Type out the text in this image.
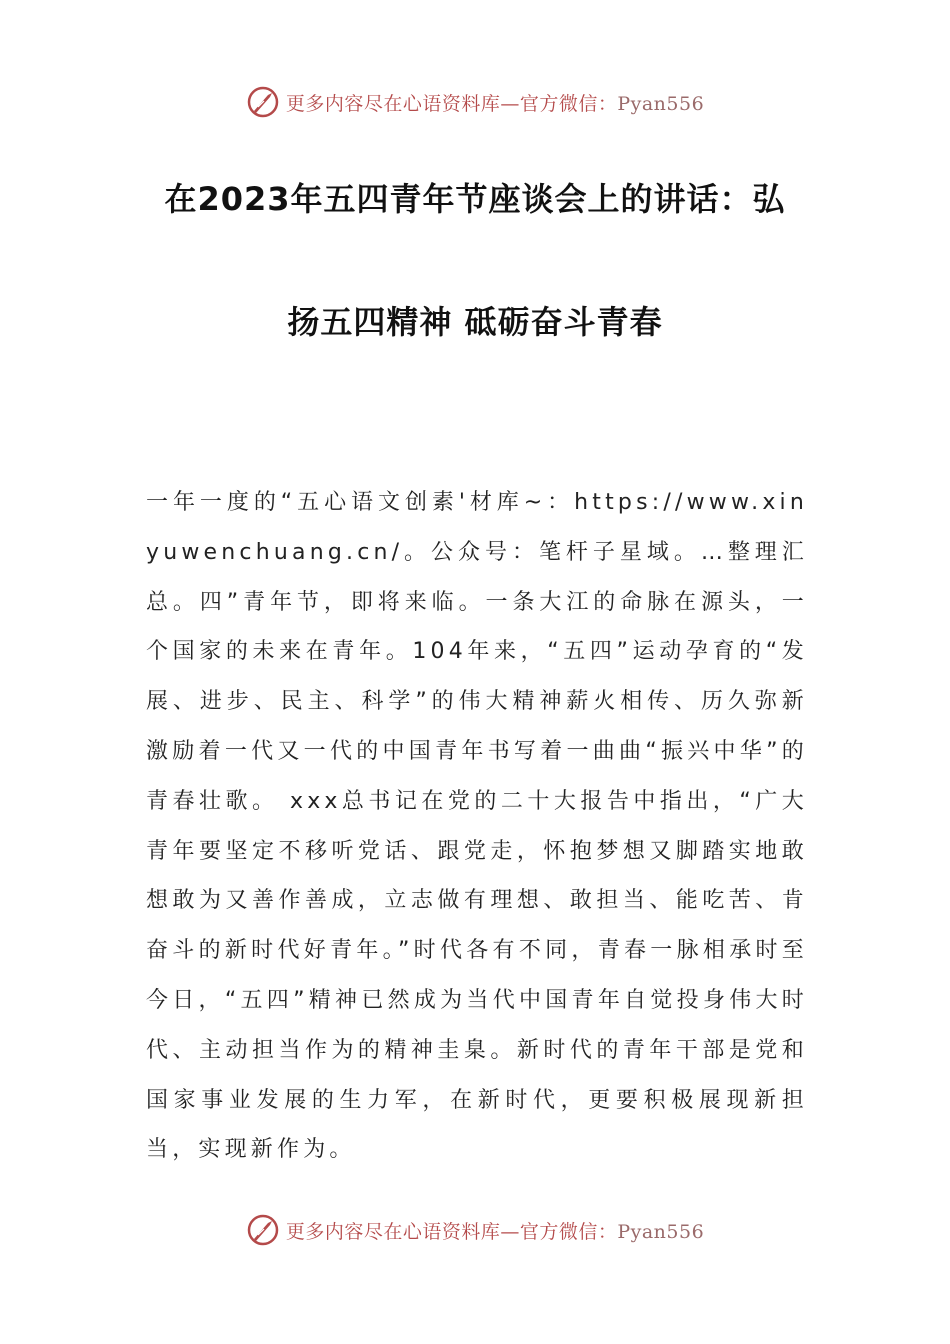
更多内容尽在心语资料库—官方微信：Pyan556
在2023年五四青年节座谈会上的讲话：弘
扬五四精神 砥砺奋斗青春
一年一度的“五心语文创素'材库~：https://www.xinyuwenchuang.cn/。公众号：笔杆子星域。…整理汇总。四”青年节，即将来临。一条大江的命脉在源头，一个国家的未来在青年。104年来，“五四”运动孕育的“发展、进步、民主、科学”的伟大精神薪火相传、历久弥新激励着一代又一代的中国青年书写着一曲曲“振兴中华”的青春壮歌。 xxx总书记在党的二十大报告中指出，“广大青年要坚定不移听党话、跟党走，怀抱梦想又脚踏实地敢想敢为又善作善成，立志做有理想、敢担当、能吃苦、肯奋斗的新时代好青年。”时代各有不同，青春一脉相承时至今日，“五四”精神已然成为当代中国青年自觉投身伟大时代、主动担当作为的精神圭臬。新时代的青年干部是党和国家事业发展的生力军，在新时代，更要积极展现新担当，实现新作为。
更多内容尽在心语资料库—官方微信：Pyan556
